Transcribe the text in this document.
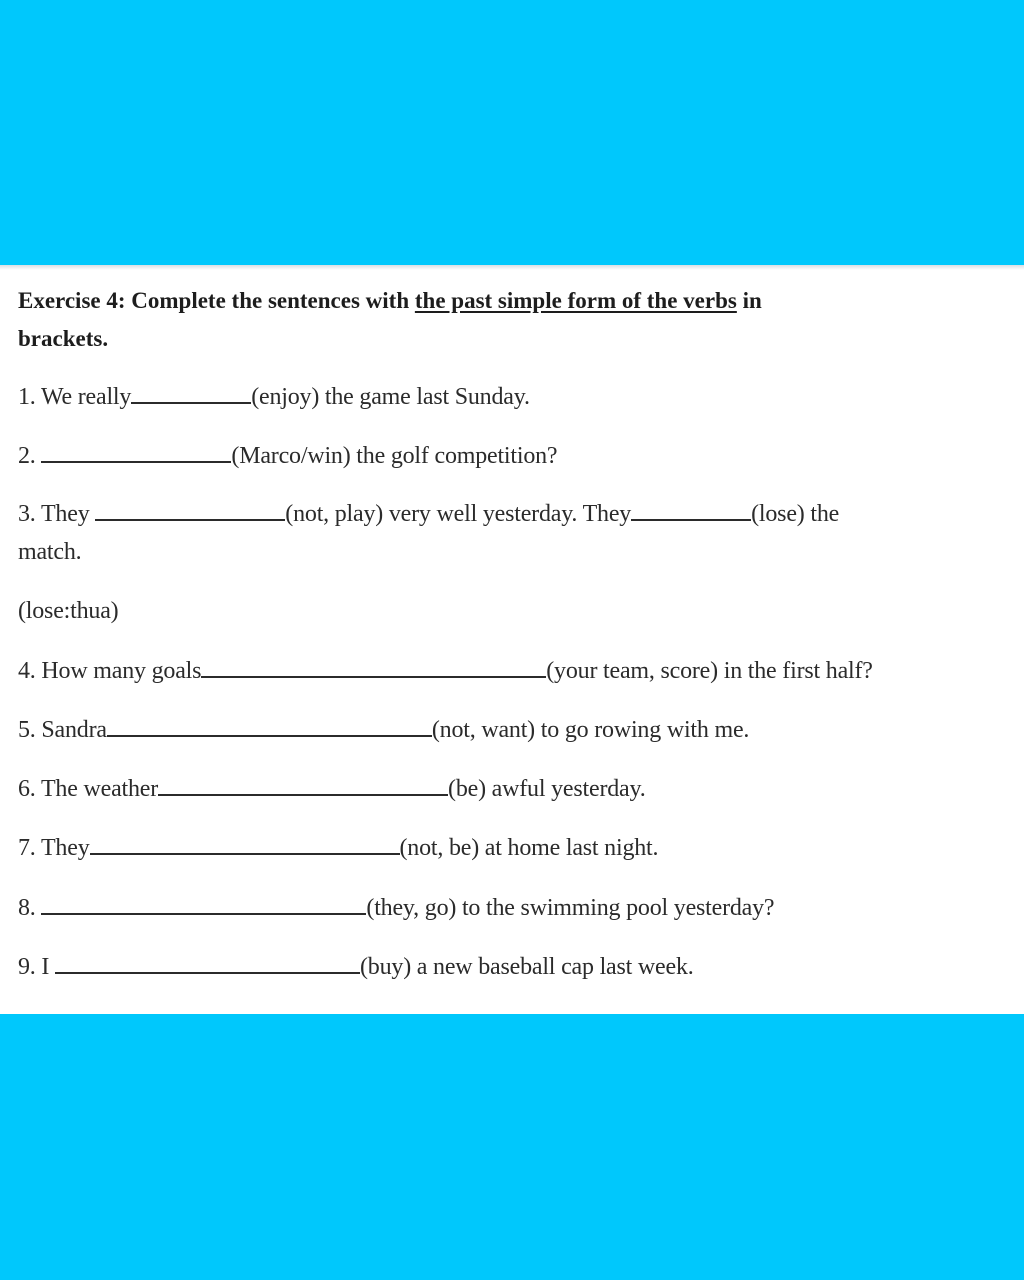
Exercise 4: Complete the sentences with the past simple form of the verbs in
brackets.
1. We really	(enjoy) the game last Sunday.
2.	(Marco/win) the golf competition?
3. They	(not, play) very well yesterday. They	(lose) the
match.
(lose:thua)
4. How many goals	(your team, score) in the first half?
5. Sandra	(not, want) to go rowing with me.
6. The weather	(be) awful yesterday.
7. They	(not, be) at home last night.
8.	(they, go) to the swimming pool yesterday?
9. I	(buy) a new baseball cap last week.
